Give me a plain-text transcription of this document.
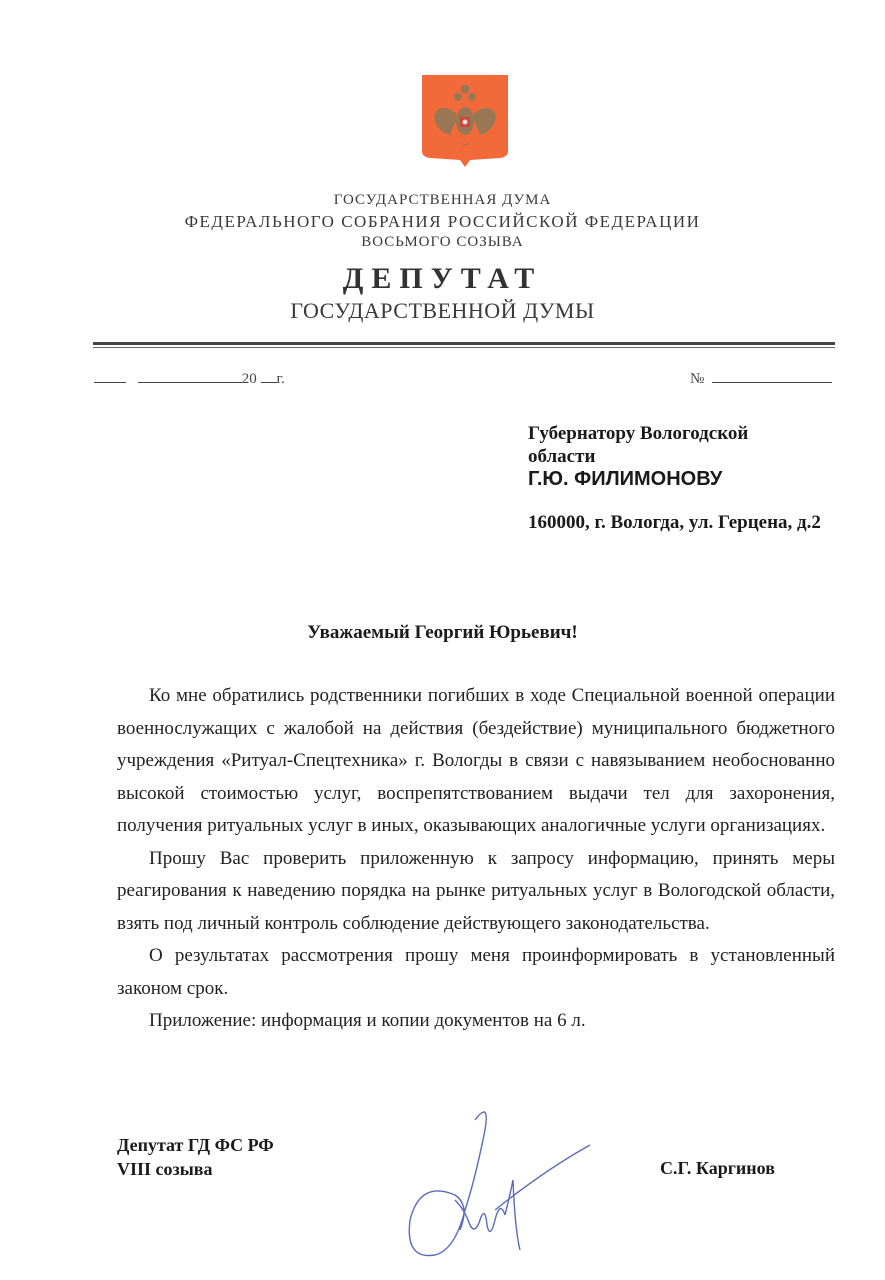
ГОСУДАРСТВЕННАЯ ДУМА
ФЕДЕРАЛЬНОГО СОБРАНИЯ РОССИЙСКОЙ ФЕДЕРАЦИИ
ВОСЬМОГО СОЗЫВА
ДЕПУТАТ
ГОСУДАРСТВЕННОЙ ДУМЫ
20 г.	№
Губернатору Вологодской
области
Г.Ю. ФИЛИМОНОВУ
160000, г. Вологда, ул. Герцена, д.2
Уважаемый Георгий Юрьевич!

Ко мне обратились родственники погибших в ходе Специальной военной операции военнослужащих с жалобой на действия (бездействие) муниципального бюджетного учреждения «Ритуал-Спецтехника» г. Вологды в связи с навязыванием необоснованно высокой стоимостью услуг, воспрепятствованием выдачи тел для захоронения, получения ритуальных услуг в иных, оказывающих аналогичные услуги организациях.

Прошу Вас проверить приложенную к запросу информацию, принять меры реагирования к наведению порядка на рынке ритуальных услуг в Вологодской области, взять под личный контроль соблюдение действующего законодательства.

О результатах рассмотрения прошу меня проинформировать в установленный законом срок.

Приложение: информация и копии документов на 6 л.

Депутат ГД ФС РФ
VIII созыва	С.Г. Каргинов
